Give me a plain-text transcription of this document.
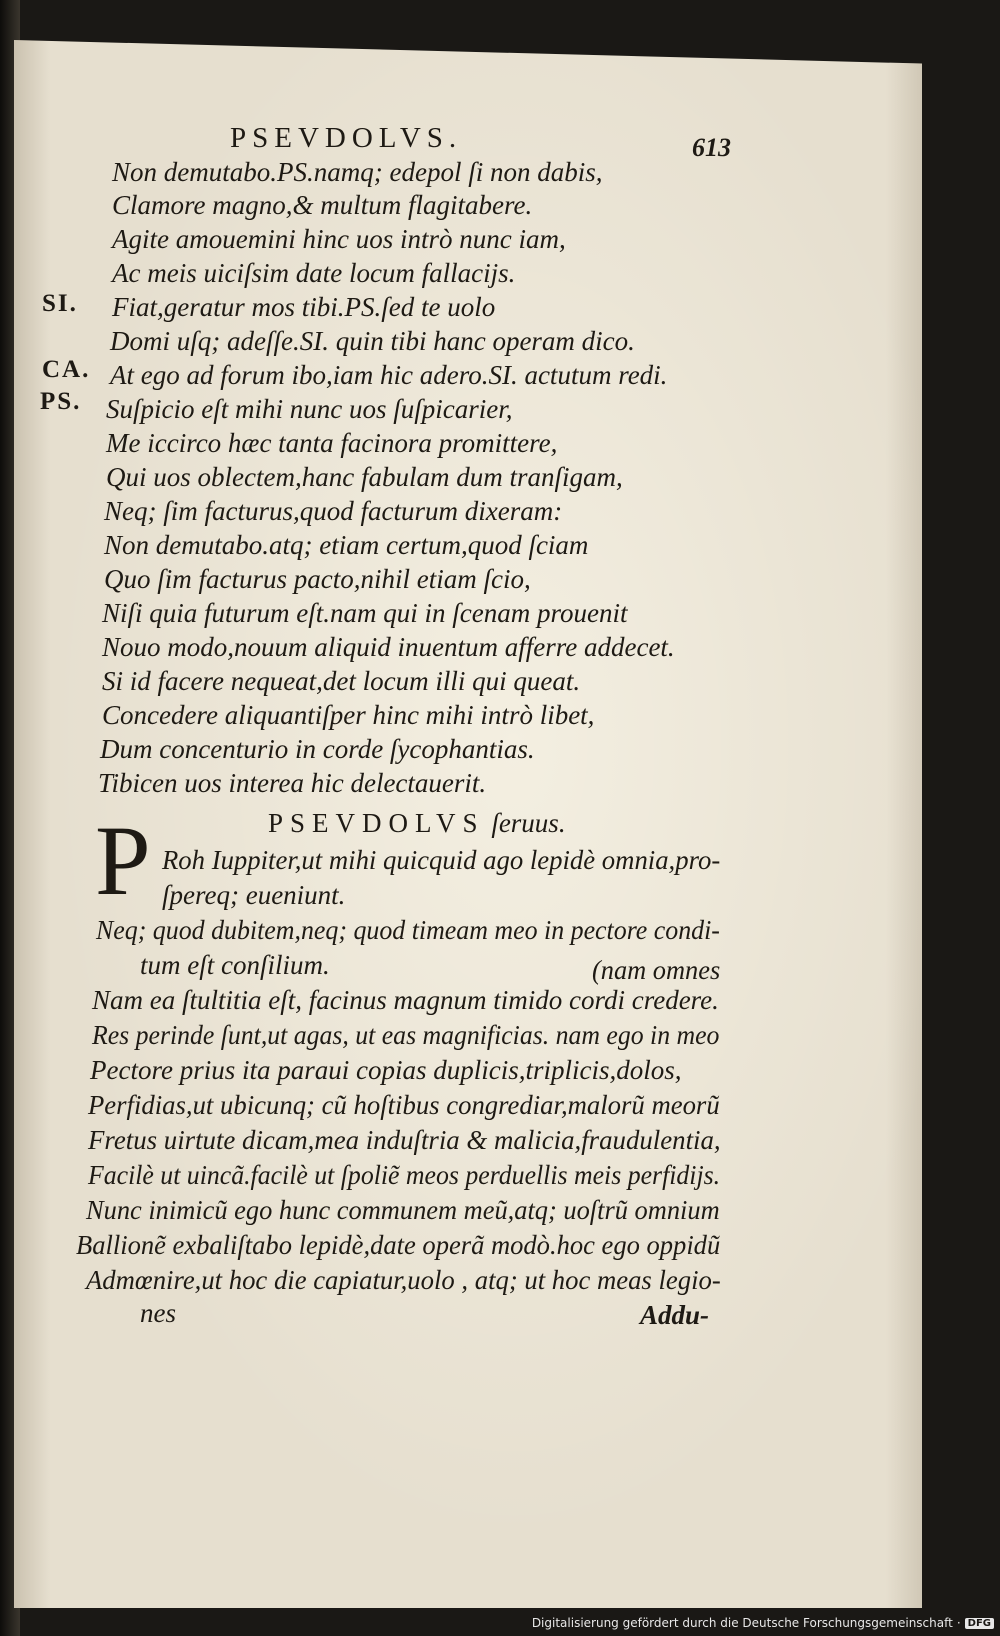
PSEVDOLVS.	613
SI.
CA.
PS.
Non demutabo.PS.namq; edepol ſi non dabis,
Clamore magno,& multum flagitabere.
Agite amouemini hinc uos intrò nunc iam,
Ac meis uiciſsim date locum fallacijs.
Fiat,geratur mos tibi.PS.ſed te uolo
Domi uſq; adeſſe.SI. quin tibi hanc operam dico.
At ego ad forum ibo,iam hic adero.SI. actutum redi.
Suſpicio eſt mihi nunc uos ſuſpicarier,
Me iccirco hæc tanta facinora promittere,
Qui uos oblectem,hanc fabulam dum tranſigam,
Neq; ſim facturus,quod facturum dixeram:
Non demutabo.atq; etiam certum,quod ſciam
Quo ſim facturus pacto,nihil etiam ſcio,
Niſi quia futurum eſt.nam qui in ſcenam prouenit
Nouo modo,nouum aliquid inuentum afferre addecet.
Si id facere nequeat,det locum illi qui queat.
Concedere aliquantiſper hinc mihi intrò libet,
Dum concenturio in corde ſycophantias.
Tibicen uos interea hic delectauerit.
PSEVDOLVS ſeruus.
P Roh Iuppiter,ut mihi quicquid ago lepidè omnia,pro-
ſpereq; eueniunt.
Neq; quod dubitem,neq; quod timeam meo in pectore condi-
tum eſt conſilium.	(nam omnes
Nam ea ſtultitia eſt, facinus magnum timido cordi credere.
Res perinde ſunt,ut agas, ut eas magnificias. nam ego in meo
Pectore prius ita paraui copias duplicis,triplicis,dolos,
Perfidias,ut ubicunq; cũ hoſtibus congrediar,malorũ meorũ
Fretus uirtute dicam,mea induſtria & malicia,fraudulentia,
Facilè ut uincã.facilè ut ſpoliẽ meos perduellis meis perfidijs.
Nunc inimicũ ego hunc communem meũ,atq; uoſtrũ omnium
Ballionẽ exbaliſtabo lepidè,date operã modò.hoc ego oppidũ
Admœnire,ut hoc die capiatur,uolo , atq; ut hoc meas legio-
nes	Addu-
Digitalisierung gefördert durch die Deutsche Forschungsgemeinschaft · DFG
